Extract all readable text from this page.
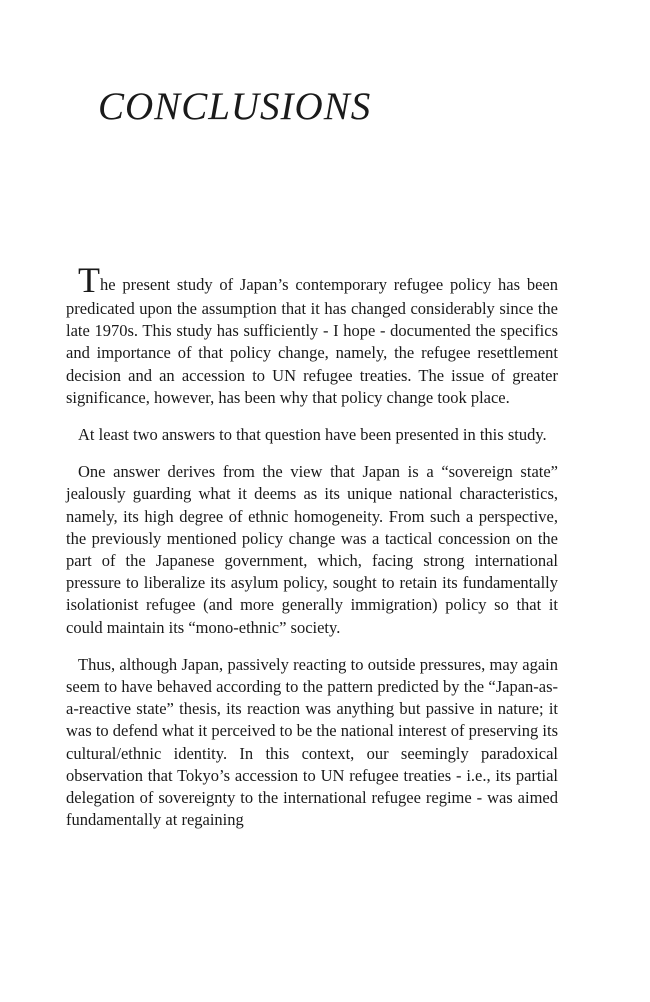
CONCLUSIONS

The present study of Japan’s contemporary refugee policy has been predicated upon the assumption that it has changed considerably since the late 1970s. This study has sufficiently - I hope - documented the specifics and importance of that policy change, namely, the refugee resettlement decision and an accession to UN refugee treaties. The issue of greater significance, however, has been why that policy change took place.

At least two answers to that question have been presented in this study.

One answer derives from the view that Japan is a “sovereign state” jealously guarding what it deems as its unique national characteristics, namely, its high degree of ethnic homogeneity. From such a perspective, the previously mentioned policy change was a tactical concession on the part of the Japanese government, which, facing strong international pressure to liberalize its asylum policy, sought to retain its fundamentally isolationist refugee (and more generally immigration) policy so that it could maintain its “mono-ethnic” society.

Thus, although Japan, passively reacting to outside pressures, may again seem to have behaved according to the pattern predicted by the “Japan-as-a-reactive state” thesis, its reaction was anything but passive in nature; it was to defend what it perceived to be the national interest of preserving its cultural/ethnic identity. In this context, our seemingly paradoxical observation that Tokyo’s accession to UN refugee treaties - i.e., its partial delegation of sovereignty to the international refugee regime - was aimed fundamentally at regaining
